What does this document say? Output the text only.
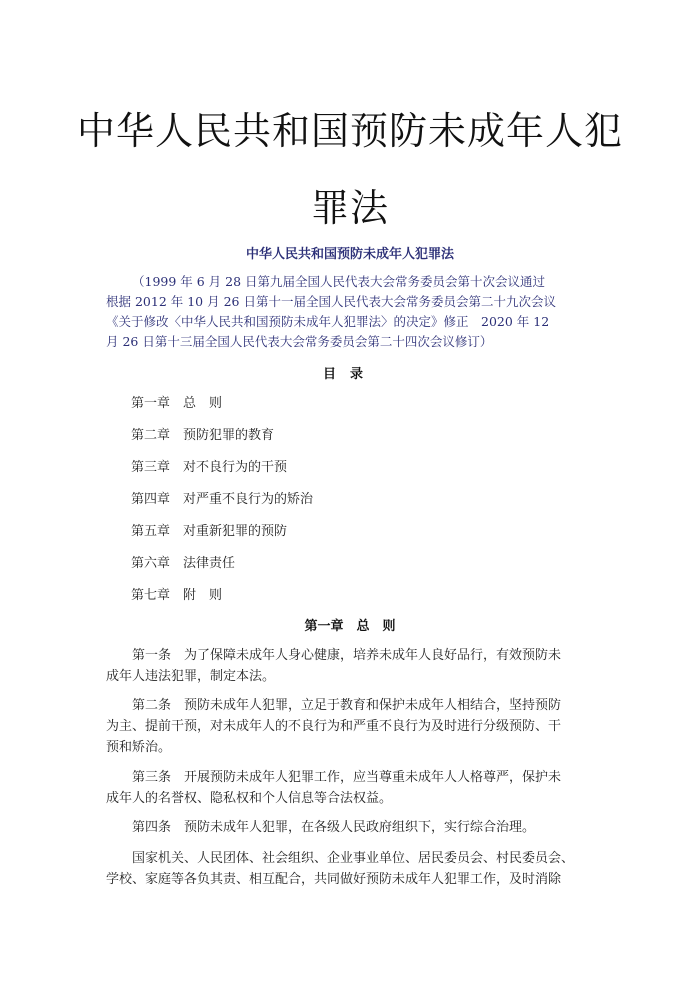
中华人民共和国预防未成年人犯
罪法
中华人民共和国预防未成年人犯罪法
（1999 年 6 月 28 日第九届全国人民代表大会常务委员会第十次会议通过
根据 2012 年 10 月 26 日第十一届全国人民代表大会常务委员会第二十九次会议
《关于修改〈中华人民共和国预防未成年人犯罪法〉的决定》修正　2020 年 12
月 26 日第十三届全国人民代表大会常务委员会第二十四次会议修订）
目录
第一章　总　则
第二章　预防犯罪的教育
第三章　对不良行为的干预
第四章　对严重不良行为的矫治
第五章　对重新犯罪的预防
第六章　法律责任
第七章　附　则
第一章　总　则
第一条　为了保障未成年人身心健康，培养未成年人良好品行，有效预防未
成年人违法犯罪，制定本法。
第二条　预防未成年人犯罪，立足于教育和保护未成年人相结合，坚持预防
为主、提前干预，对未成年人的不良行为和严重不良行为及时进行分级预防、干
预和矫治。
第三条　开展预防未成年人犯罪工作，应当尊重未成年人人格尊严，保护未
成年人的名誉权、隐私权和个人信息等合法权益。
第四条　预防未成年人犯罪，在各级人民政府组织下，实行综合治理。
国家机关、人民团体、社会组织、企业事业单位、居民委员会、村民委员会、
学校、家庭等各负其责、相互配合，共同做好预防未成年人犯罪工作，及时消除
